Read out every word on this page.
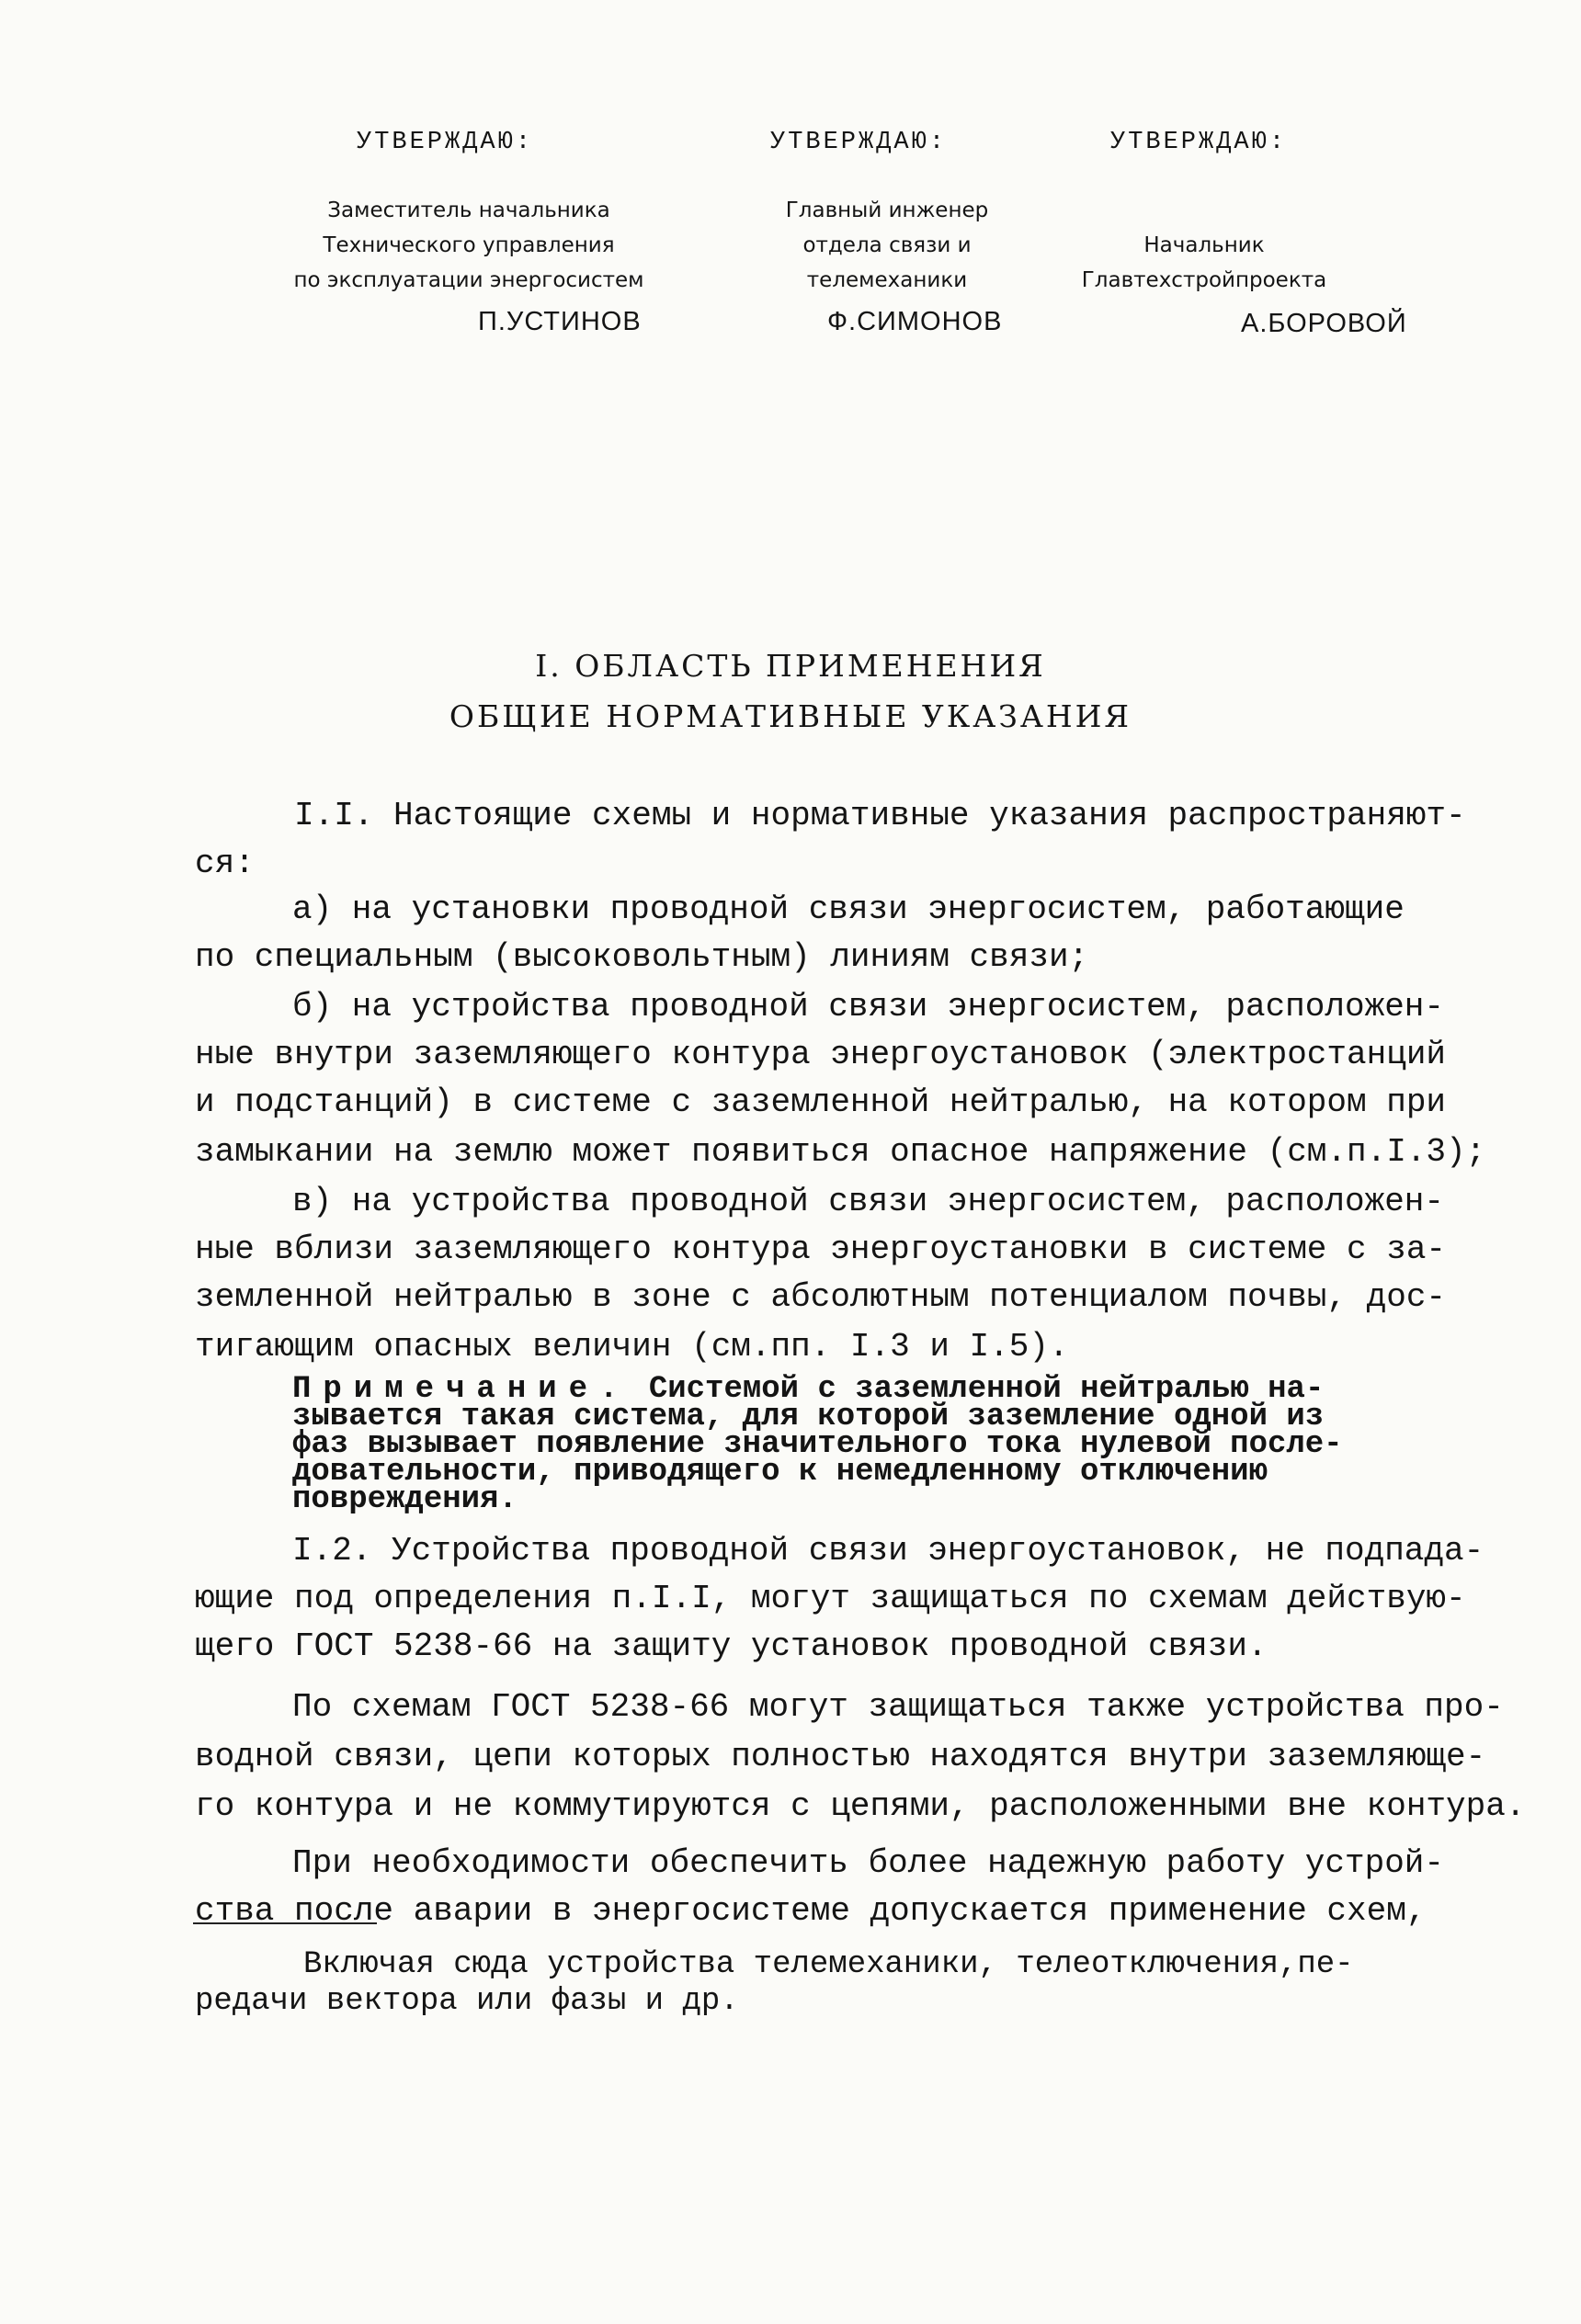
УТВЕРЖДАЮ:
Заместитель начальника
Технического управления
по эксплуатации энергосистем
П.УСТИНОВ
УТВЕРЖДАЮ:
Главный инженер
отдела связи и
телемеханики
Ф.СИМОНОВ
УТВЕРЖДАЮ:
Начальник
Главтехстройпроекта
А.БОРОВОЙ
I. ОБЛАСТЬ ПРИМЕНЕНИЯ
ОБЩИЕ НОРМАТИВНЫЕ УКАЗАНИЯ
I.I. Настоящие схемы и нормативные указания распространяют-
ся:
а) на установки проводной связи энергосистем, работающие
по специальным (высоковольтным) линиям связи;
б) на устройства проводной связи энергосистем, расположен-
ные внутри заземляющего контура энергоустановок (электростанций
и подстанций) в системе с заземленной нейтралью, на котором при
замыкании на землю может появиться опасное напряжение (см.п.I.3);
в) на устройства проводной связи энергосистем, расположен-
ные вблизи заземляющего контура энергоустановки в системе с за-
земленной нейтралью в зоне с абсолютным потенциалом почвы, дос-
тигающим опасных величин (см.пп. I.3 и I.5).
Примечание. Системой с заземленной нейтралью на-
зывается такая система, для которой заземление одной из
фаз вызывает появление значительного тока нулевой после-
довательности, приводящего к немедленному отключению
повреждения.
I.2. Устройства проводной связи энергоустановок, не подпада-
ющие под определения п.I.I, могут защищаться по схемам действую-
щего ГОСТ 5238-66 на защиту установок проводной связи.
По схемам ГОСТ 5238-66 могут защищаться также устройства про-
водной связи, цепи которых полностью находятся внутри заземляюще-
го контура и не коммутируются с цепями, расположенными вне контура.
При необходимости обеспечить более надежную работу устрой-
ства после аварии в энергосистеме допускается применение схем,
Включая сюда устройства телемеханики, телеотключения,пе-
редачи вектора или фазы и др.
